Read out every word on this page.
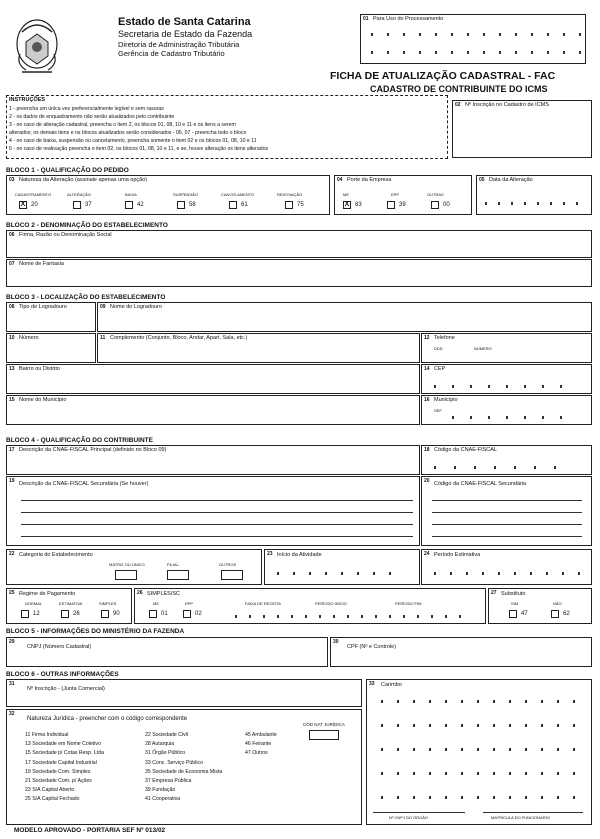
Estado de Santa Catarina
Secretaria de Estado da Fazenda
Diretoria de Administração Tributária
Gerência de Cadastro Tributário
01 Para Uso do Processamento
FICHA DE ATUALIZAÇÃO CADASTRAL - FAC
CADASTRO DE CONTRIBUINTE DO ICMS
INSTRUÇÕES
1 - preencha um única vez preferencialmente legível e sem rasuras
2 - os dados de enquadramento não serão atualizados pelo contribuinte
3 - no caso de alteração cadastral, preencha o item 2, os blocos 01, 08, 10 e 11 e os itens a serem
alterados; os demais itens e os blocos atualizados serão considerados - 06, 07 - preencha todo o bloco
4 - no caso de baixa, suspensão ou cancelamento, preencha somente o item 02 e os blocos 01, 08, 10 e 11
5 - no caso de reativação preencha o item 02, os blocos 01, 08, 10 e 11, e se, houve alteração os itens alterados
02 Nº Inscrição no Cadastro de ICMS
BLOCO 1 - QUALIFICAÇÃO DO PEDIDO
03 Natureza da Alteração (assinale apenas uma opção)
CADASTRAMENTO
X 20
ALTERAÇÃO
37
BAIXA
42
SUSPENSÃO
58
CANCELAMENTO
61
REATIVAÇÃO
75
04 Porte da Empresa
ME
X 83
EPP
39
OUTRAS
00
05 Data da Alteração
BLOCO 2 - DENOMINAÇÃO DO ESTABELECIMENTO
06 Firma, Razão ou Denominação Social
07 Nome de Fantasia
BLOCO 3 - LOCALIZAÇÃO DO ESTABELECIMENTO
08 Tipo de Logradouro	09 Nome do Logradouro
10 Número	11 Complemento (Conjunto, Bloco, Andar, Apart. Sala, etc.)	12 Telefone
DDD	NÚMERO
13 Bairro ou Distrito	14 CEP
15 Nome do Município	16 Município
SEF
BLOCO 4 - QUALIFICAÇÃO DO CONTRIBUINTE
17 Descrição da CNAE-FISCAL Principal (definido no Bloco 09)	18 Código da CNAE-FISCAL
19 Descrição da CNAE-FISCAL Secundária (Se houver)	20 Código da CNAE-FISCAL Secundária
22 Categoria do Estabelecimento
MATRIZ OU ÚNICO	FILIAL	OUTROS
23 Início da Atividade	24 Período Estimativa
25 Regime de Pagamento
NORMAL	ESTIMATIVA	SIMPLES
12	26	90
26 SIMPLES/SC
ME	EPP
01	02
FAIXA DE RECEITA	PERÍODO INÍCIO	PERÍODO FIM
27 Substituto
SIM	NÃO
47	62
BLOCO 5 - INFORMAÇÕES DO MINISTÉRIO DA FAZENDA
29
CNPJ (Número Cadastral)
30
CPF (Nº e Controle)
BLOCO 6 - OUTRAS INFORMAÇÕES
31
Nº Inscrição - (Junta Comercial)
32
Natureza Jurídica - preencher com o código correspondente
CÓD NAT JURÍDICA
11 Firma Individual	22 Sociedade Civil	45 Ambulante
13 Sociedade em Nome Coletivo	28 Autarquia	46 Feirante
15 Sociedade p/ Cotas Resp. Ltda	31 Órgão Público	47 Outros
17 Sociedade Capital Industrial	33 Conc. Serviço Público
19 Sociedade Com. Simples	35 Sociedade de Economia Mista
21 Sociedade Com. p/ Ações	37 Empresa Pública
23 S/A Capital Aberto	39 Fundação
25 S/A Capital Fechado	41 Cooperativa
33 Carimbo
Nº CNPJ DO ÓRGÃO	MATRÍCULA DO FUNCIONÁRIO
MODELO APROVADO - PORTARIA SEF Nº 013/02
